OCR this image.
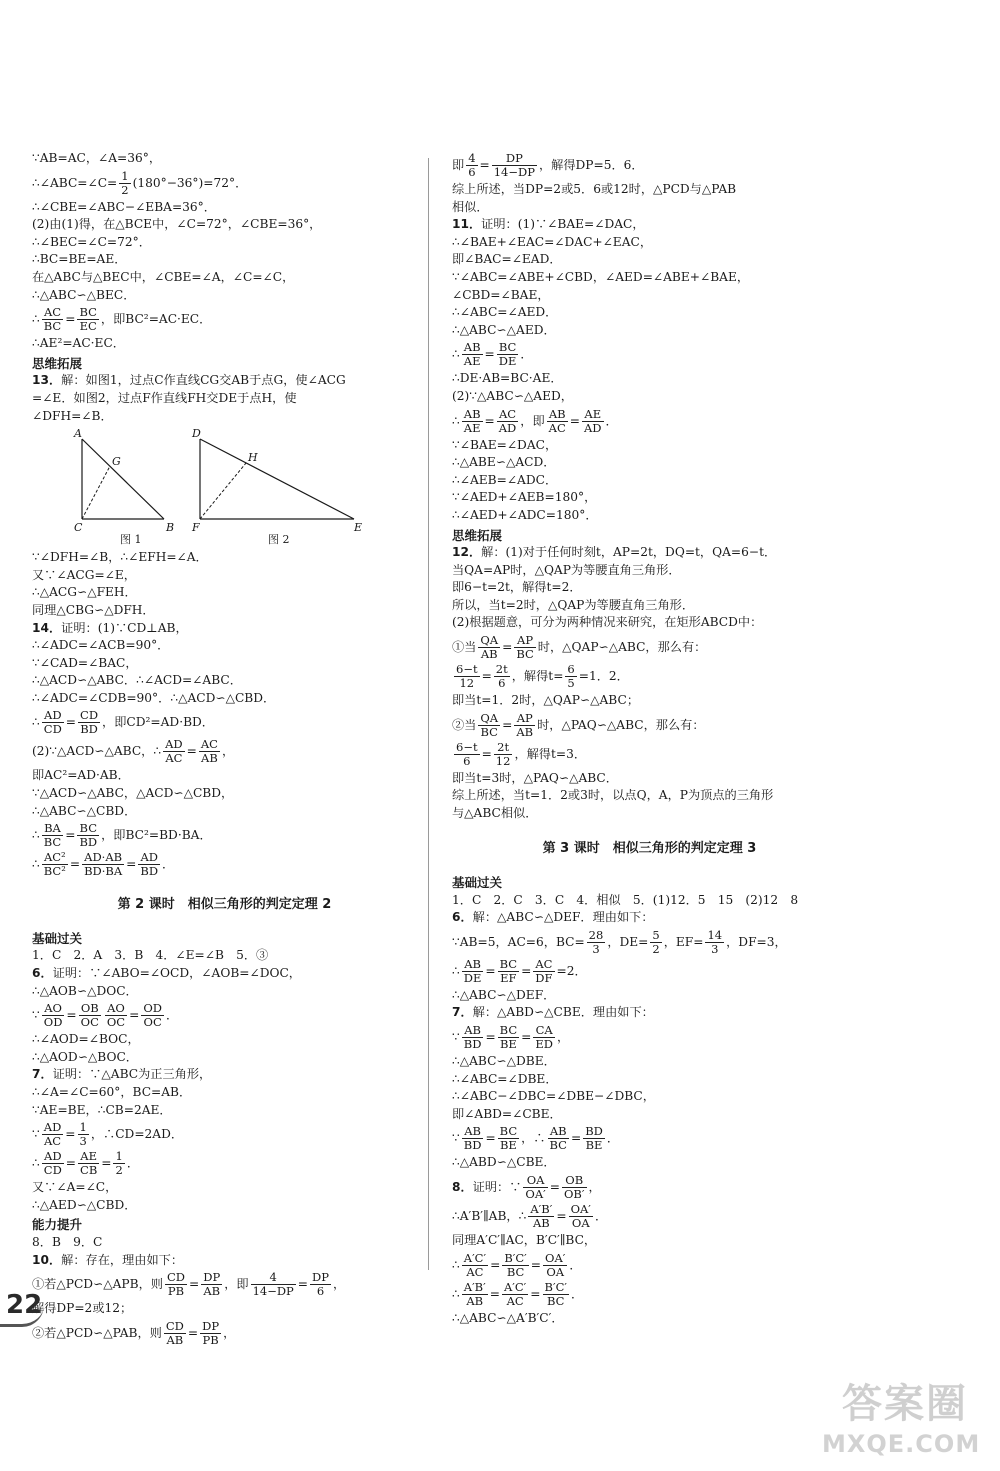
∵AB=AC，∠A=36°，
∴∠ABC=∠C= $\frac{1}{2} (180^\circ-36^\circ)=72^\circ$．
∴∠CBE=∠ABC−∠EBA=36°．
(2)由(1)得，在△BCE中，∠C=72°，∠CBE=36°，
∴∠BEC=∠C=72°．
∴BC=BE=AE．
在△ABC与△BEC中，∠CBE=∠A，∠C=∠C，
∴△ABC∽△BEC．
∴ $\frac{AC}{BC} = \frac{BC}{EC}$ ，即BC²=AC·EC．
∴AE²=AC·EC．
思维拓展
13．解：如图1，过点C作直线CG交AB于点G，使∠ACG
=∠E．如图2，过点F作直线FH交DE于点H，使
∠DFH=∠B．
A
G
C	B
图 1
D
H
F	E
图 2
∵∠DFH=∠B，∴∠EFH=∠A．
又∵∠ACG=∠E，
∴△ACG∽△FEH．
同理△CBG∽△DFH．
14．证明：(1)∵CD⊥AB，
∴∠ADC=∠ACB=90°．
∵∠CAD=∠BAC，
∴△ACD∽△ABC．∴∠ACD=∠ABC．
∴∠ADC=∠CDB=90°．∴△ACD∽△CBD．
∴ $\frac{AD}{CD} = \frac{CD}{BD}$ ，即CD²=AD·BD．
(2)∵△ACD∽△ABC，∴ $\frac{AD}{AC} = \frac{AC}{AB}$ ，
即AC²=AD·AB．
∵△ACD∽△ABC，△ACD∽△CBD，
∴△ABC∽△CBD．
∴ $\frac{BA}{BC} = \frac{BC}{BD}$ ，即BC²=BD·BA．
∴ $\frac{\text{AC²}}{\text{BC²}} = \frac{AD\cdot AB}{BD\cdot BA} = \frac{AD}{BD}$ ．
第 2 课时　相似三角形的判定定理 2
基础过关
1．C　2．A　3．B　4．∠E=∠B　5．③
6．证明：∵∠ABO=∠OCD，∠AOB=∠DOC，
∴△AOB∽△DOC．
∵ $\frac{AO}{OD} = \frac{OB}{OC} \frac{AO}{OC} = \frac{OD}{OC}$ ．
∴∠AOD=∠BOC，
∴△AOD∽△BOC．
7．证明：∵△ABC为正三角形，
∴∠A=∠C=60°，BC=AB．
∵AE=BE，∴CB=2AE．
∵ $\frac{AD}{AC} = \frac{1}{3}$ ，∴CD=2AD．
∴ $\frac{AD}{CD} = \frac{AE}{CB} = \frac{1}{2}$ ．
又∵∠A=∠C，
∴△AED∽△CBD．
能力提升
8．B　9．C
10．解：存在，理由如下：
①若△PCD∽△APB，则 $\frac{CD}{PB} = \frac{DP}{AB}$ ，即 $\frac{4}{14-DP} = \frac{DP}{6}$ ，
解得DP=2或12；
②若△PCD∽△PAB，则 $\frac{CD}{AB} = \frac{DP}{PB}$ ，
即 $\frac{4}{6} = \frac{DP}{14-DP}$ ，解得DP=5．6．
综上所述，当DP=2或5．6或12时，△PCD与△PAB
相似．
11．证明：(1)∵∠BAE=∠DAC，
∴∠BAE+∠EAC=∠DAC+∠EAC，
即∠BAC=∠EAD．
∵∠ABC=∠ABE+∠CBD，∠AED=∠ABE+∠BAE，
∠CBD=∠BAE，
∴∠ABC=∠AED．
∴△ABC∽△AED．
∴ $\frac{AB}{AE} = \frac{BC}{DE}$ ．
∴DE·AB=BC·AE．
(2)∵△ABC∽△AED，
∴ $\frac{AB}{AE} = \frac{AC}{AD}$ ，即 $\frac{AB}{AC} = \frac{AE}{AD}$ ．
∵∠BAE=∠DAC，
∴△ABE∽△ACD．
∴∠AEB=∠ADC．
∵∠AED+∠AEB=180°，
∴∠AED+∠ADC=180°．
思维拓展
12．解：(1)对于任何时刻t，AP=2t，DQ=t，QA=6−t．
当QA=AP时，△QAP为等腰直角三角形．
即6−t=2t，解得t=2．
所以，当t=2时，△QAP为等腰直角三角形．
(2)根据题意，可分为两种情况来研究，在矩形ABCD中：
①当 $\frac{QA}{AB} = \frac{AP}{BC}$ 时，△QAP∽△ABC，那么有：
$\frac{6-t}{12} = \frac{2t}{6}$ ，解得$t= \frac{6}{5} =1$．2．
即当t=1．2时，△QAP∽△ABC；
②当 $\frac{QA}{BC} = \frac{AP}{AB}$ 时，△PAQ∽△ABC，那么有：
$\frac{6-t}{6} = \frac{2t}{12}$ ，解得t=3．
即当t=3时，△PAQ∽△ABC．
综上所述，当t=1．2或3时，以点Q，A，P为顶点的三角形
与△ABC相似．
第 3 课时　相似三角形的判定定理 3
基础过关
1．C　2．C　3．C　4．相似　5．(1)12．5　15　(2)12　8
6．解：△ABC∽△DEF．理由如下：
∵AB=5，AC=6，$BC= \frac{28}{3}$ ，$DE= \frac{5}{2}$ ，$EF= \frac{14}{3}$ ，DF=3，
∴ $\frac{AB}{DE} = \frac{BC}{EF} = \frac{AC}{DF} =2$．
∴△ABC∽△DEF．
7．解：△ABD∽△CBE．理由如下：
∵ $\frac{AB}{BD} = \frac{BC}{BE} = \frac{CA}{ED}$ ，
∴△ABC∽△DBE．
∴∠ABC=∠DBE．
∴∠ABC−∠DBC=∠DBE−∠DBC，
即∠ABD=∠CBE．
∵ $\frac{AB}{BD} = \frac{BC}{BE}$ ，∴ $\frac{AB}{BC} = \frac{BD}{BE}$ ．
∴△ABD∽△CBE．
8．证明：∵ $\frac{OA}{OA'} = \frac{OB}{OB'}$ ，
∴A′B′∥AB，∴ $\frac{A'B'}{AB} = \frac{OA'}{OA}$ ．
同理A′C′∥AC，B′C′∥BC，
∴ $\frac{A'C'}{AC} = \frac{B'C'}{BC} = \frac{OA'}{OA}$ ．
∴ $\frac{A'B'}{AB} = \frac{A'C'}{AC} = \frac{B'C'}{BC}$ ．
∴△ABC∽△A′B′C′．
22
答案圈
MXQE.COM
